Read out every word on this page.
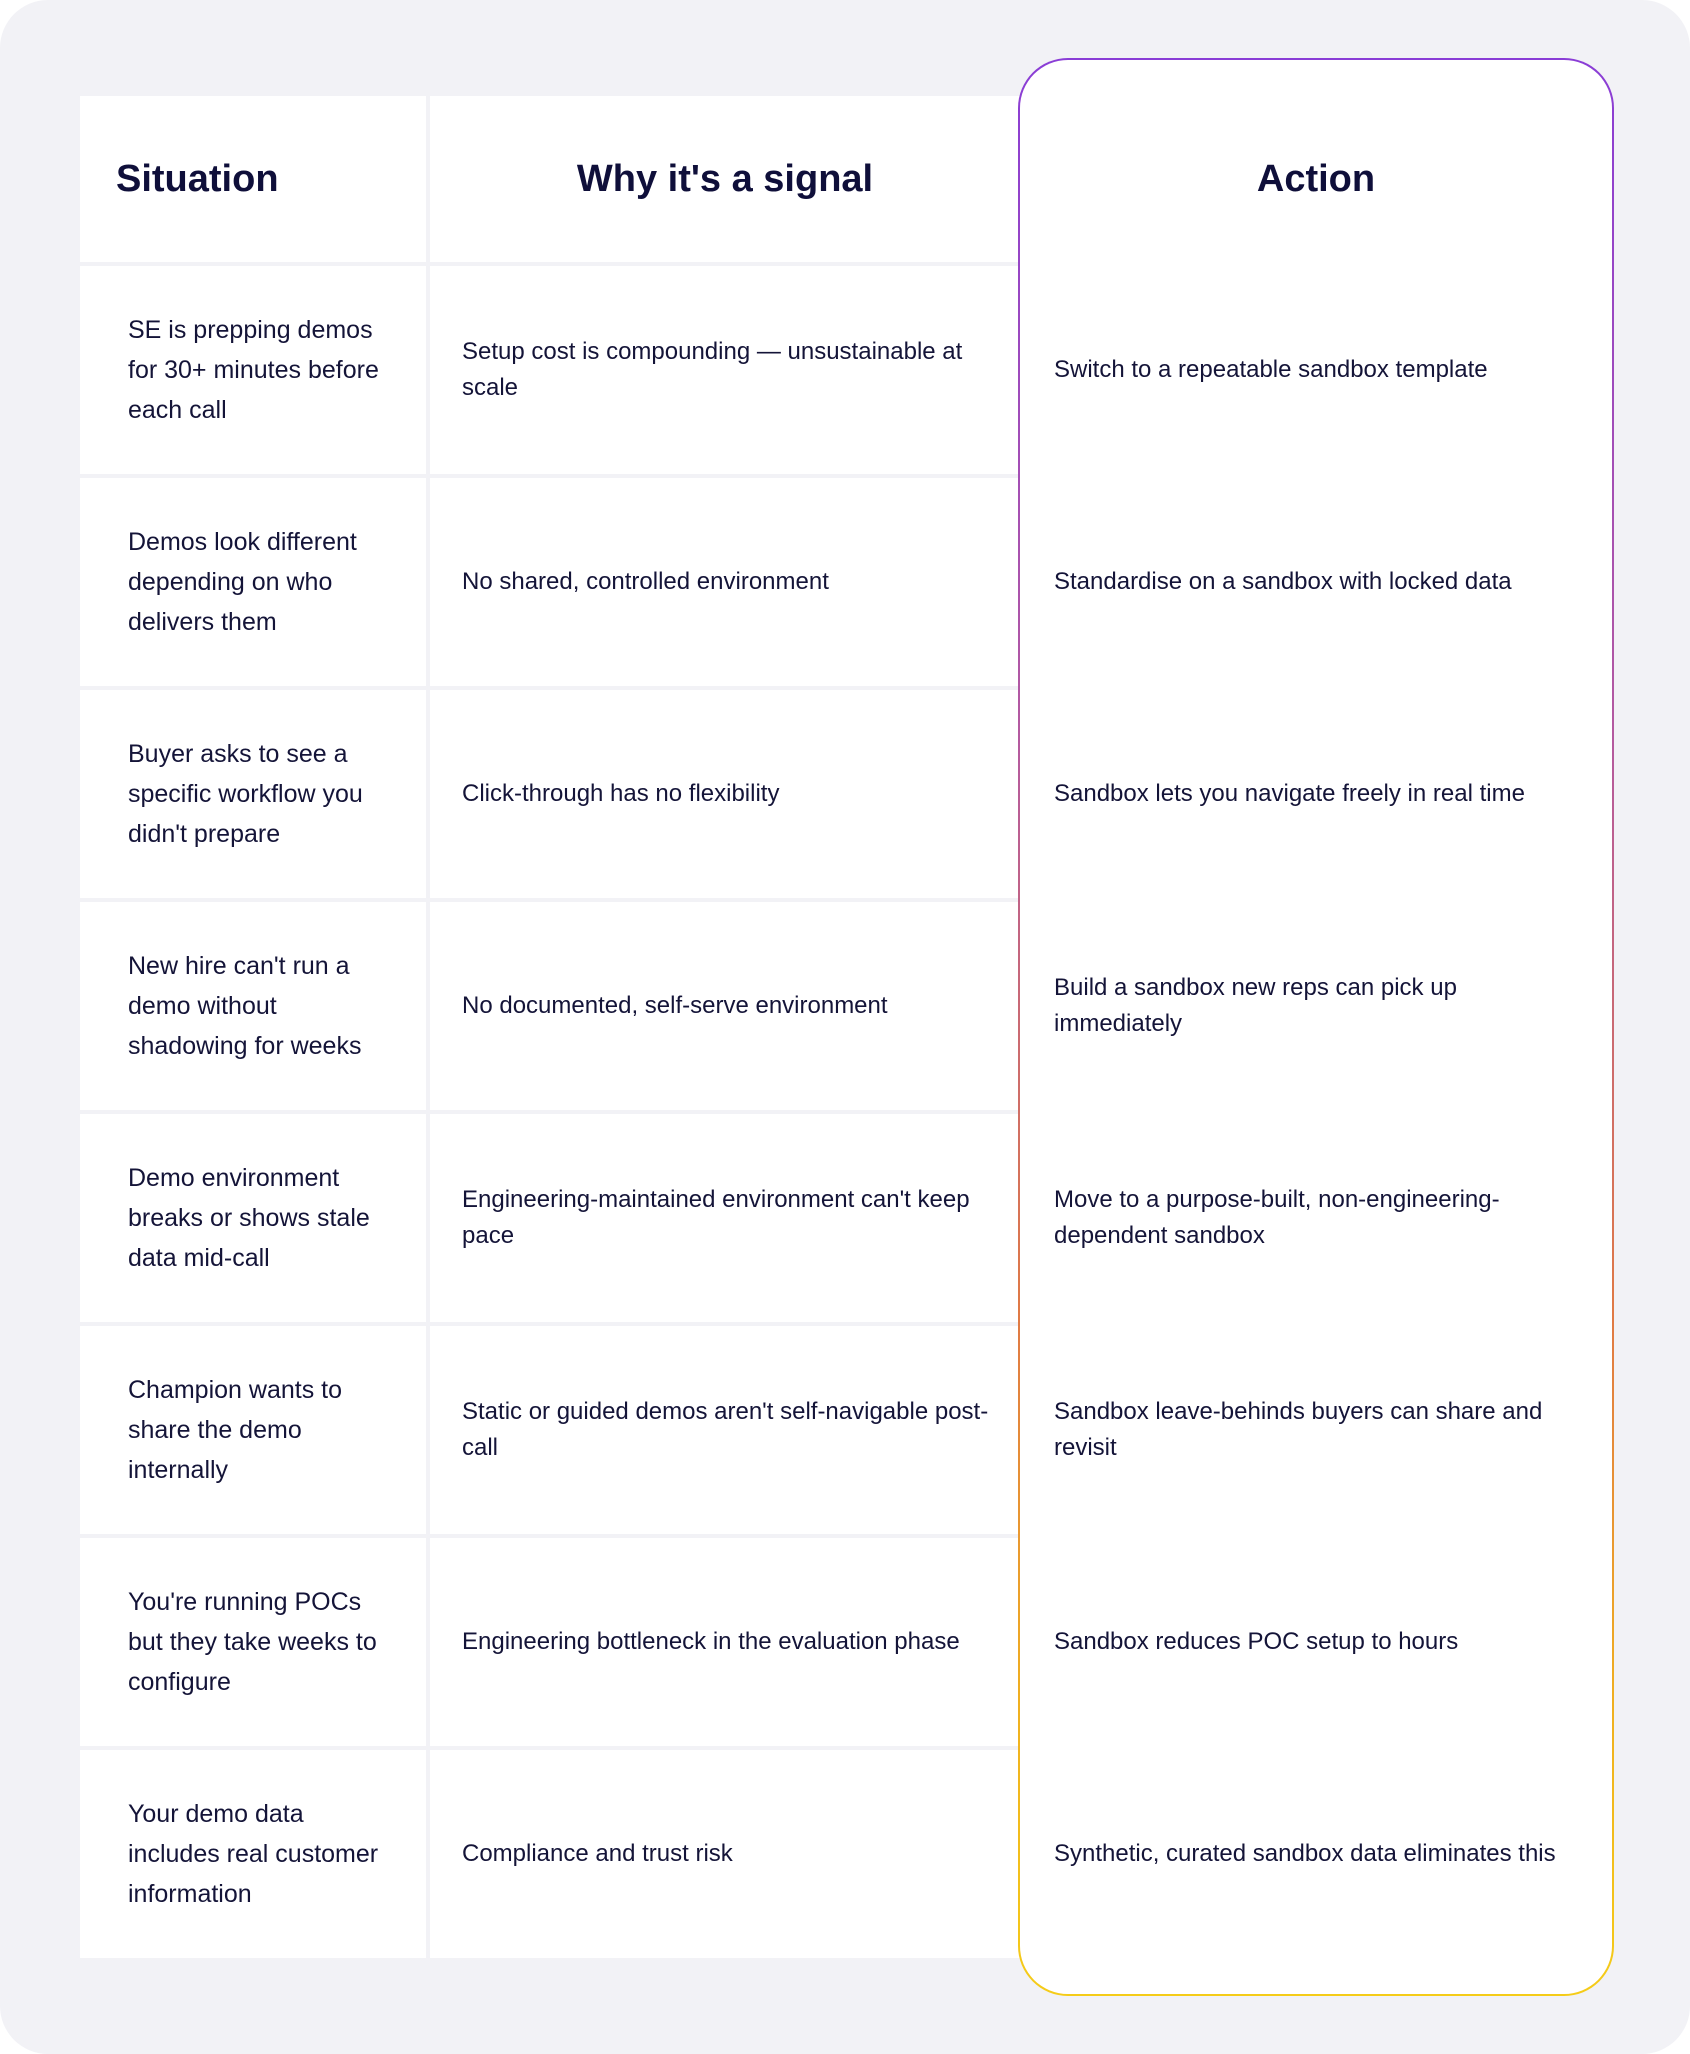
Situation
SE is prepping demos for 30+ minutes before each call
Demos look different depending on who delivers them
Buyer asks to see a specific workflow you didn't prepare
New hire can't run a demo without shadowing for weeks
Demo environment breaks or shows stale data mid-call
Champion wants to share the demo internally
You're running POCs but they take weeks to configure
Your demo data includes real customer information
Why it's a signal
Setup cost is compounding — unsustainable at scale
No shared, controlled environment
Click-through has no flexibility
No documented, self-serve environment
Engineering-maintained environment can't keep pace
Static or guided demos aren't self-navigable post-call
Engineering bottleneck in the evaluation phase
Compliance and trust risk
Action
Switch to a repeatable sandbox template
Standardise on a sandbox with locked data
Sandbox lets you navigate freely in real time
Build a sandbox new reps can pick up immediately
Move to a purpose-built, non-engineering-dependent sandbox
Sandbox leave-behinds buyers can share and revisit
Sandbox reduces POC setup to hours
Synthetic, curated sandbox data eliminates this
